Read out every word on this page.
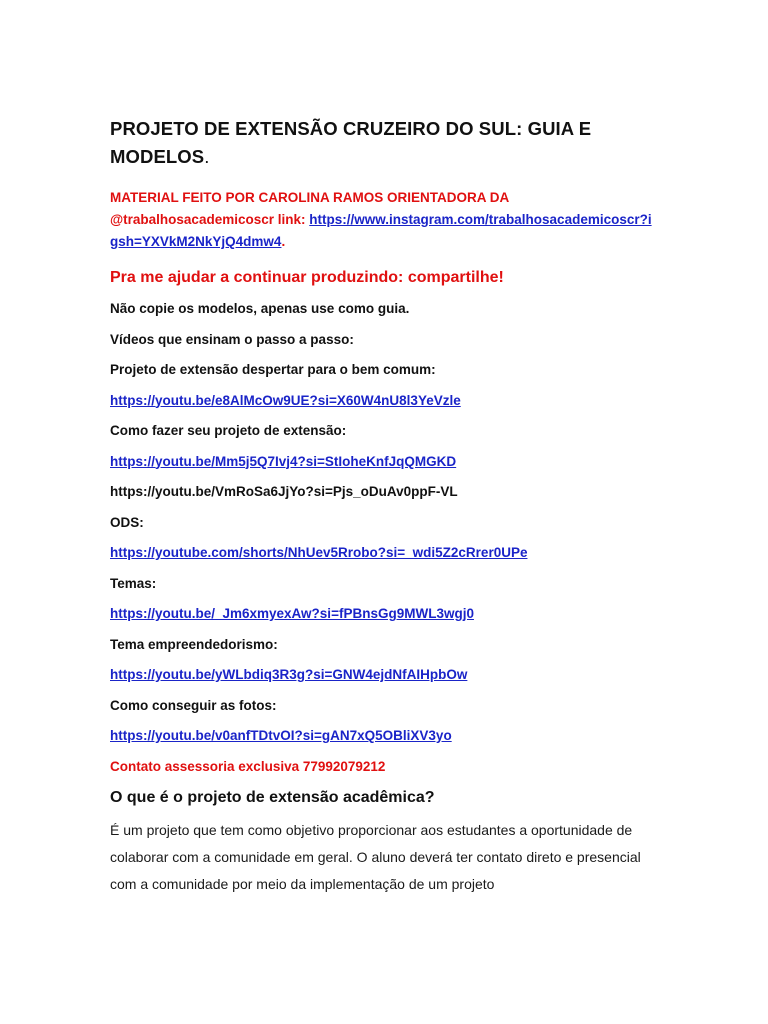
PROJETO DE EXTENSÃO CRUZEIRO DO SUL: GUIA E MODELOS.
MATERIAL FEITO POR CAROLINA RAMOS ORIENTADORA DA @trabalhosacademicoscr link: https://www.instagram.com/trabalhosacademicoscr?igsh=YXVkM2NkYjQ4dmw4.
Pra me ajudar a continuar produzindo: compartilhe!
Não copie os modelos, apenas use como guia.
Vídeos que ensinam o passo a passo:
Projeto de extensão despertar para o bem comum:
https://youtu.be/e8AlMcOw9UE?si=X60W4nU8l3YeVzle
Como fazer seu projeto de extensão:
https://youtu.be/Mm5j5Q7Ivj4?si=StIoheKnfJqQMGKD
https://youtu.be/VmRoSa6JjYo?si=Pjs_oDuAv0ppF-VL
ODS:
https://youtube.com/shorts/NhUev5Rrobo?si=_wdi5Z2cRrer0UPe
Temas:
https://youtu.be/_Jm6xmyexAw?si=fPBnsGg9MWL3wgj0
Tema empreendedorismo:
https://youtu.be/yWLbdiq3R3g?si=GNW4ejdNfAIHpbOw
Como conseguir as fotos:
https://youtu.be/v0anfTDtvOI?si=gAN7xQ5OBliXV3yo
Contato assessoria exclusiva 77992079212
O que é o projeto de extensão acadêmica?

É um projeto que tem como objetivo proporcionar aos estudantes a oportunidade de colaborar com a comunidade em geral. O aluno deverá ter contato direto e presencial com a comunidade por meio da implementação de um projeto
